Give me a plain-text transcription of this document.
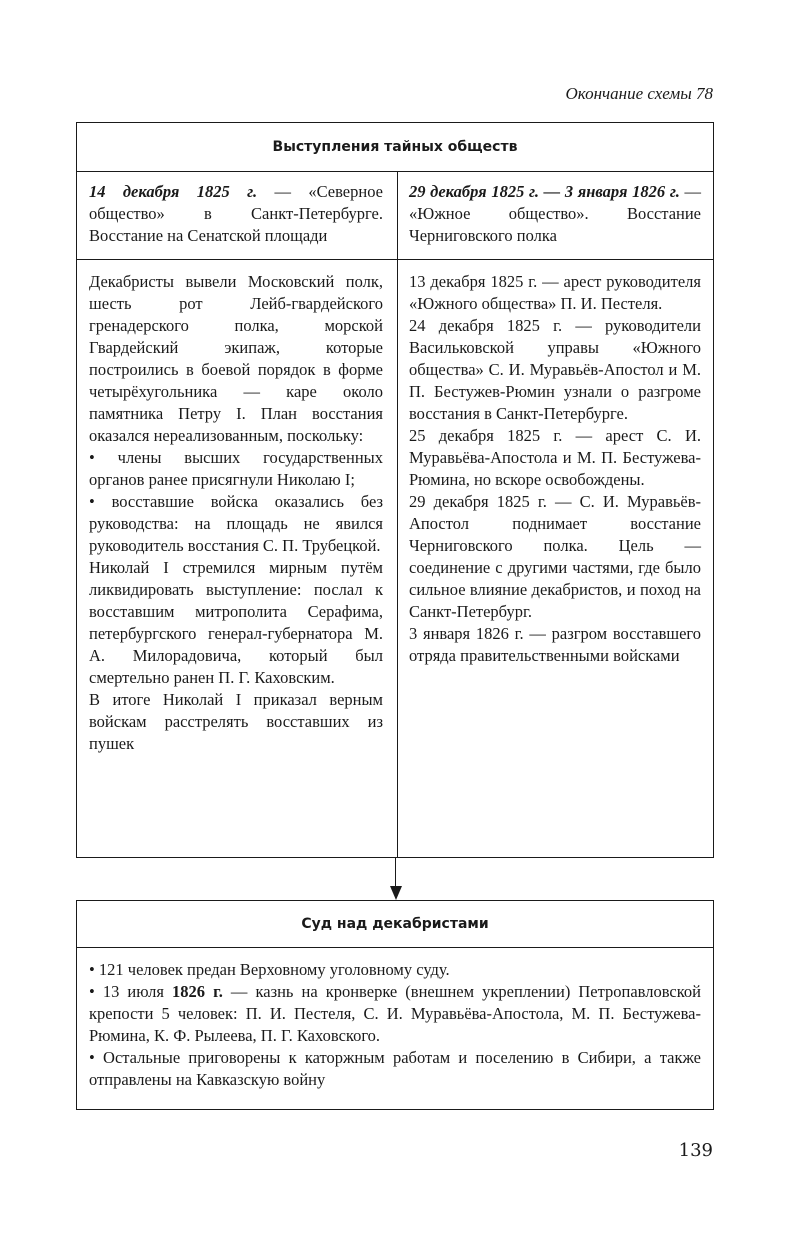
Окончание схемы 78
Выступления тайных обществ
14 декабря 1825 г. — «Северное общество» в Санкт-Петербурге. Восстание на Сенатской площади
29 декабря 1825 г. — 3 января 1826 г. — «Южное общество». Восстание Черниговского полка

Декабристы вывели Московский полк, шесть рот Лейб-гвардейского гренадерского полка, морской Гвардейский экипаж, которые построились в боевой порядок в форме четырёхугольника — каре около памятника Петру I. План восстания оказался нереализованным, поскольку:

• члены высших государственных органов ранее присягнули Николаю I;

• восставшие войска оказались без руководства: на площадь не явился руководитель восстания С. П. Трубецкой.

Николай I стремился мирным путём ликвидировать выступление: послал к восставшим митрополита Серафима, петербургского генерал-губернатора М. А. Милорадовича, который был смертельно ранен П. Г. Каховским.

В итоге Николай I приказал верным войскам расстрелять восставших из пушек

13 декабря 1825 г. — арест руководителя «Южного общества» П. И. Пестеля.

24 декабря 1825 г. — руководители Васильковской управы «Южного общества» С. И. Муравьёв-Апостол и М. П. Бестужев-Рюмин узнали о разгроме восстания в Санкт-Петербурге.

25 декабря 1825 г. — арест С. И. Муравьёва-Апостола и М. П. Бестужева-Рюмина, но вскоре освобождены.

29 декабря 1825 г. — С. И. Муравьёв-Апостол поднимает восстание Черниговского полка. Цель — соединение с другими частями, где было сильное влияние декабристов, и поход на Санкт-Петербург.

3 января 1826 г. — разгром восставшего отряда правительственными войсками

Суд над декабристами

• 121 человек предан Верховному уголовному суду.

• 13 июля 1826 г. — казнь на кронверке (внешнем укреплении) Петропавловской крепости 5 человек: П. И. Пестеля, С. И. Муравьёва-Апостола, М. П. Бестужева-Рюмина, К. Ф. Рылеева, П. Г. Каховского.

• Остальные приговорены к каторжным работам и поселению в Сибири, а также отправлены на Кавказскую войну

139
